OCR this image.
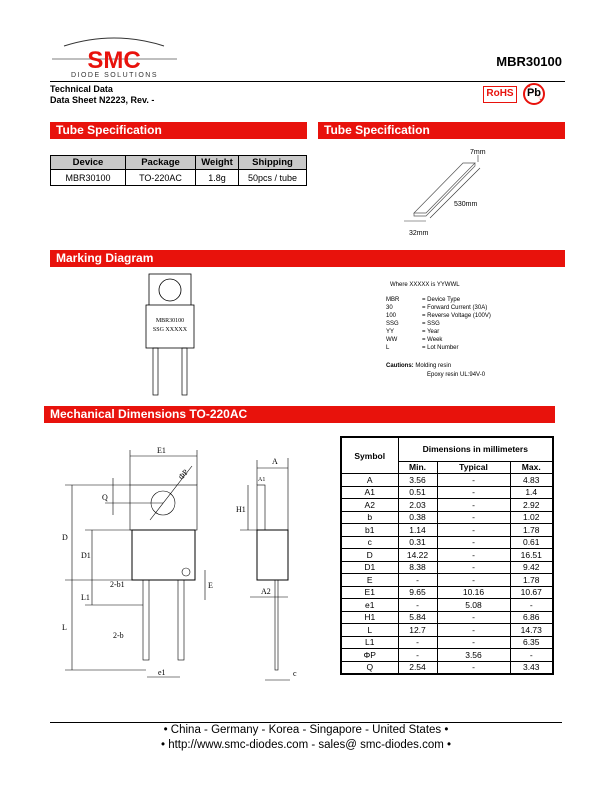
SMC
DIODE SOLUTIONS
MBR30100
Technical Data
Data Sheet N2223, Rev. -
RoHS	Pb
Tube Specification	Tube Specification
Device	Package	Weight	Shipping
MBR30100	TO-220AC	1.8g	50pcs / tube
7mm
530mm
32mm
Marking Diagram
MBR30100
SSG XXXXX
Where XXXXX is YYWWL
MBR	= Device Type
30	= Forward Current (30A)
100	= Reverse Voltage (100V)
SSG	= SSG
YY	= Year
WW	= Week
L	= Lot Number
Cautions: Molding resin
Epoxy resin UL:94V-0
Mechanical Dimensions TO-220AC
E1
ΦP
Q
D
D1
L1
L
2-b1
2-b
e1
E
A
A1
H1
A2
c
Symbol	Dimensions in millimeters		
	Min.	Typical	Max.
A	3.56	-	4.83
A1	0.51	-	1.4
A2	2.03	-	2.92
b	0.38	-	1.02
b1	1.14	-	1.78
c	0.31	-	0.61
D	14.22	-	16.51
D1	8.38	-	9.42
E	-	-	1.78
E1	9.65	10.16	10.67
e1	-	5.08	-
H1	5.84	-	6.86
L	12.7	-	14.73
L1	-	-	6.35
ΦP	-	3.56	-
Q	2.54	-	3.43
• China - Germany - Korea - Singapore - United States •
• http://www.smc-diodes.com - sales@ smc-diodes.com •
